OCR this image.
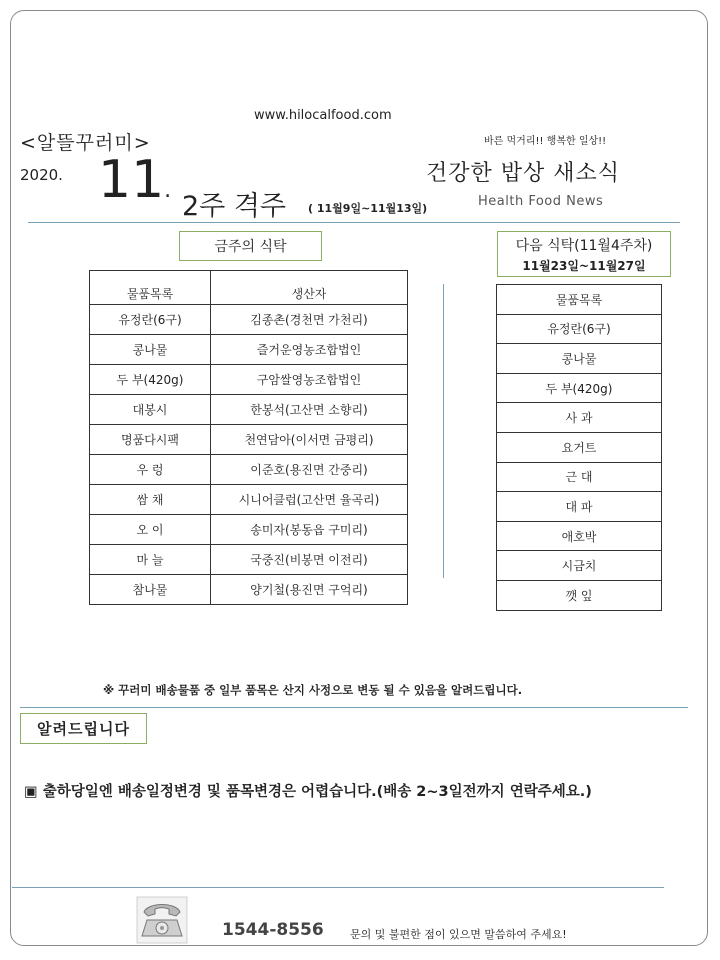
www.hilocalfood.com
<알뜰꾸러미>	바른 먹거리!! 행복한 일상!!
2020. 11.
2주 격주 ( 11월9일~11월13일)
건강한 밥상 새소식
Health Food News
금주의 식탁	다음 식탁(11월4주차)
11월23일~11월27일
물품목록	생산자
유정란(6구)	김종촌(경천면 가천리)
콩나물	즐거운영농조합법인
두 부(420g)	구암쌀영농조합법인
대봉시	한봉석(고산면 소향리)
명품다시팩	천연담아(이서면 금평리)
우 렁	이준호(용진면 간중리)
쌈 채	시니어클럽(고산면 율곡리)
오 이	송미자(봉동읍 구미리)
마 늘	국중진(비봉면 이전리)
참나물	양기철(용진면 구억리)
물품목록
유정란(6구)
콩나물
두 부(420g)
사 과
요거트
근 대
대 파
애호박
시금치
깻 잎
※ 꾸러미 배송물품 중 일부 품목은 산지 사정으로 변동 될 수 있음을 알려드립니다.
알려드립니다
▣ 출하당일엔 배송일정변경 및 품목변경은 어렵습니다.(배송 2~3일전까지 연락주세요.)
1544-8556 문의 및 불편한 점이 있으면 말씀하여 주세요!
